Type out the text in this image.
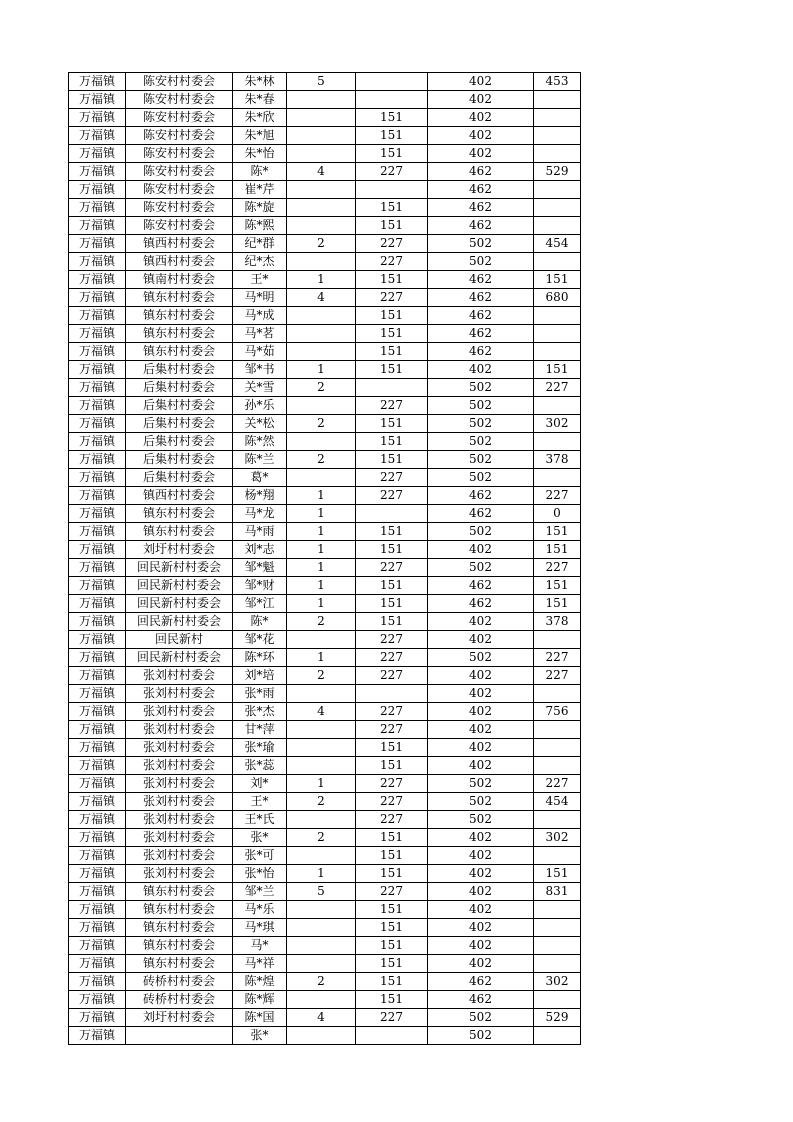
万福镇	陈安村村委会	朱*林	5		402	453
万福镇	陈安村村委会	朱*春			402	
万福镇	陈安村村委会	朱*欣		151	402	
万福镇	陈安村村委会	朱*旭		151	402	
万福镇	陈安村村委会	朱*怡		151	402	
万福镇	陈安村村委会	陈*	4	227	462	529
万福镇	陈安村村委会	崔*芹			462	
万福镇	陈安村村委会	陈*旋		151	462	
万福镇	陈安村村委会	陈*熙		151	462	
万福镇	镇西村村委会	纪*群	2	227	502	454
万福镇	镇西村村委会	纪*杰		227	502	
万福镇	镇南村村委会	王*	1	151	462	151
万福镇	镇东村村委会	马*明	4	227	462	680
万福镇	镇东村村委会	马*成		151	462	
万福镇	镇东村村委会	马*茗		151	462	
万福镇	镇东村村委会	马*茹		151	462	
万福镇	后集村村委会	邹*书	1	151	402	151
万福镇	后集村村委会	关*雪	2		502	227
万福镇	后集村村委会	孙*乐		227	502	
万福镇	后集村村委会	关*松	2	151	502	302
万福镇	后集村村委会	陈*然		151	502	
万福镇	后集村村委会	陈*兰	2	151	502	378
万福镇	后集村村委会	葛*		227	502	
万福镇	镇西村村委会	杨*翔	1	227	462	227
万福镇	镇东村村委会	马*龙	1		462	0
万福镇	镇东村村委会	马*雨	1	151	502	151
万福镇	刘圩村村委会	刘*志	1	151	402	151
万福镇	回民新村村委会	邹*魁	1	227	502	227
万福镇	回民新村村委会	邹*财	1	151	462	151
万福镇	回民新村村委会	邹*江	1	151	462	151
万福镇	回民新村村委会	陈*	2	151	402	378
万福镇	回民新村	邹*花		227	402	
万福镇	回民新村村委会	陈*环	1	227	502	227
万福镇	张刘村村委会	刘*培	2	227	402	227
万福镇	张刘村村委会	张*雨			402	
万福镇	张刘村村委会	张*杰	4	227	402	756
万福镇	张刘村村委会	甘*萍		227	402	
万福镇	张刘村村委会	张*瑜		151	402	
万福镇	张刘村村委会	张*蕊		151	402	
万福镇	张刘村村委会	刘*	1	227	502	227
万福镇	张刘村村委会	王*	2	227	502	454
万福镇	张刘村村委会	王*氏		227	502	
万福镇	张刘村村委会	张*	2	151	402	302
万福镇	张刘村村委会	张*可		151	402	
万福镇	张刘村村委会	张*怡	1	151	402	151
万福镇	镇东村村委会	邹*兰	5	227	402	831
万福镇	镇东村村委会	马*乐		151	402	
万福镇	镇东村村委会	马*琪		151	402	
万福镇	镇东村村委会	马*		151	402	
万福镇	镇东村村委会	马*祥		151	402	
万福镇	砖桥村村委会	陈*煌	2	151	462	302
万福镇	砖桥村村委会	陈*辉		151	462	
万福镇	刘圩村村委会	陈*国	4	227	502	529
万福镇		张*			502	
